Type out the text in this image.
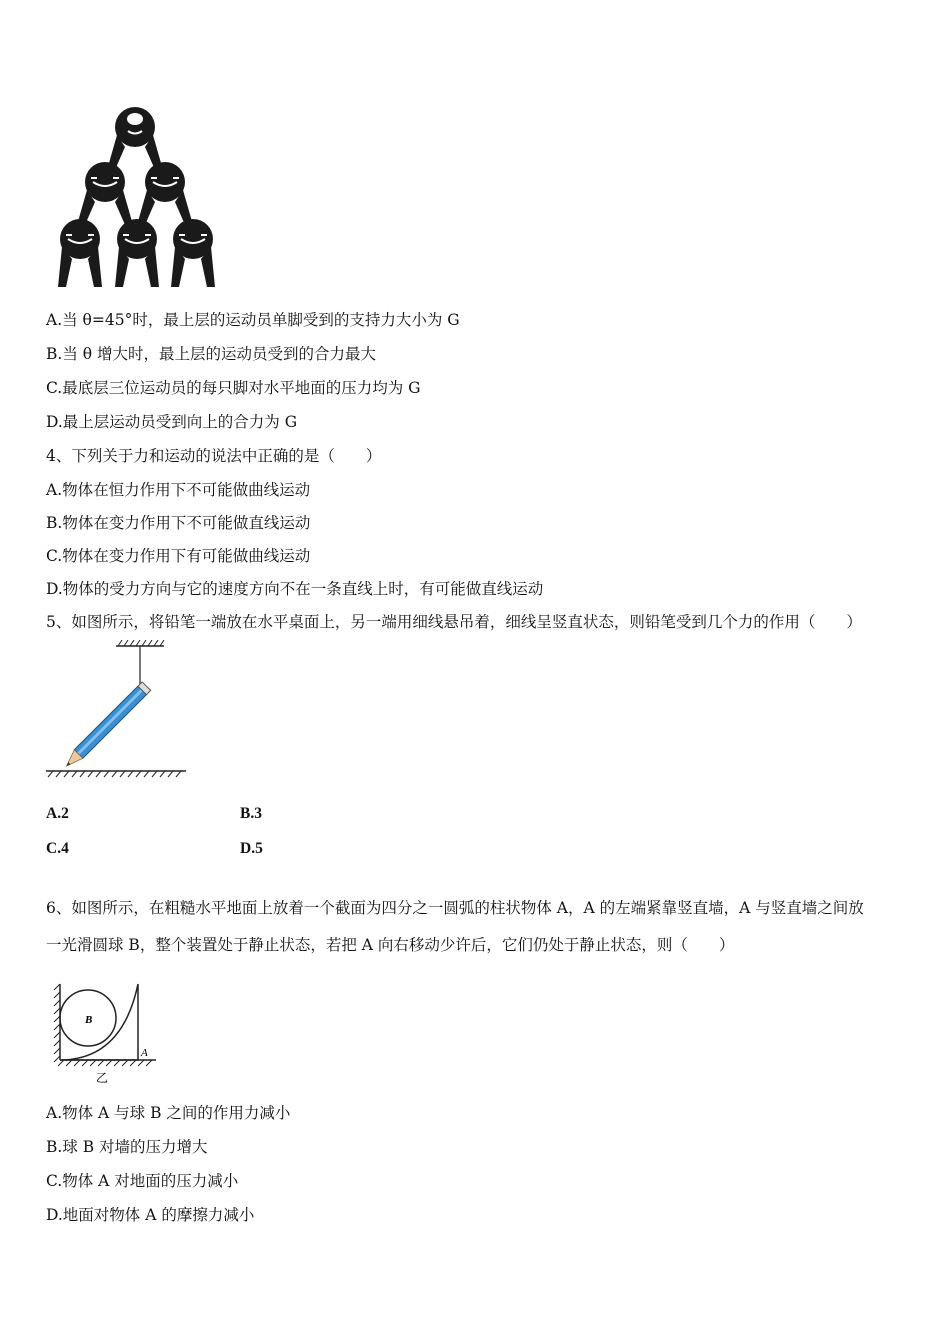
A.当 θ=45°时，最上层的运动员单脚受到的支持力大小为 G
B.当 θ 增大时，最上层的运动员受到的合力最大
C.最底层三位运动员的每只脚对水平地面的压力均为 G
D.最上层运动员受到向上的合力为 G
4、下列关于力和运动的说法中正确的是（　　）
A.物体在恒力作用下不可能做曲线运动
B.物体在变力作用下不可能做直线运动
C.物体在变力作用下有可能做曲线运动
D.物体的受力方向与它的速度方向不在一条直线上时，有可能做直线运动
5、如图所示，将铅笔一端放在水平桌面上，另一端用细线悬吊着，细线呈竖直状态，则铅笔受到几个力的作用（　　）
A.2	B.3
C.4	D.5
6、如图所示，在粗糙水平地面上放着一个截面为四分之一圆弧的柱状物体 A，A 的左端紧靠竖直墙，A 与竖直墙之间放
一光滑圆球 B，整个装置处于静止状态，若把 A 向右移动少许后，它们仍处于静止状态，则（　　）
B
A
乙
A.物体 A 与球 B 之间的作用力减小
B.球 B 对墙的压力增大
C.物体 A 对地面的压力减小
D.地面对物体 A 的摩擦力减小
